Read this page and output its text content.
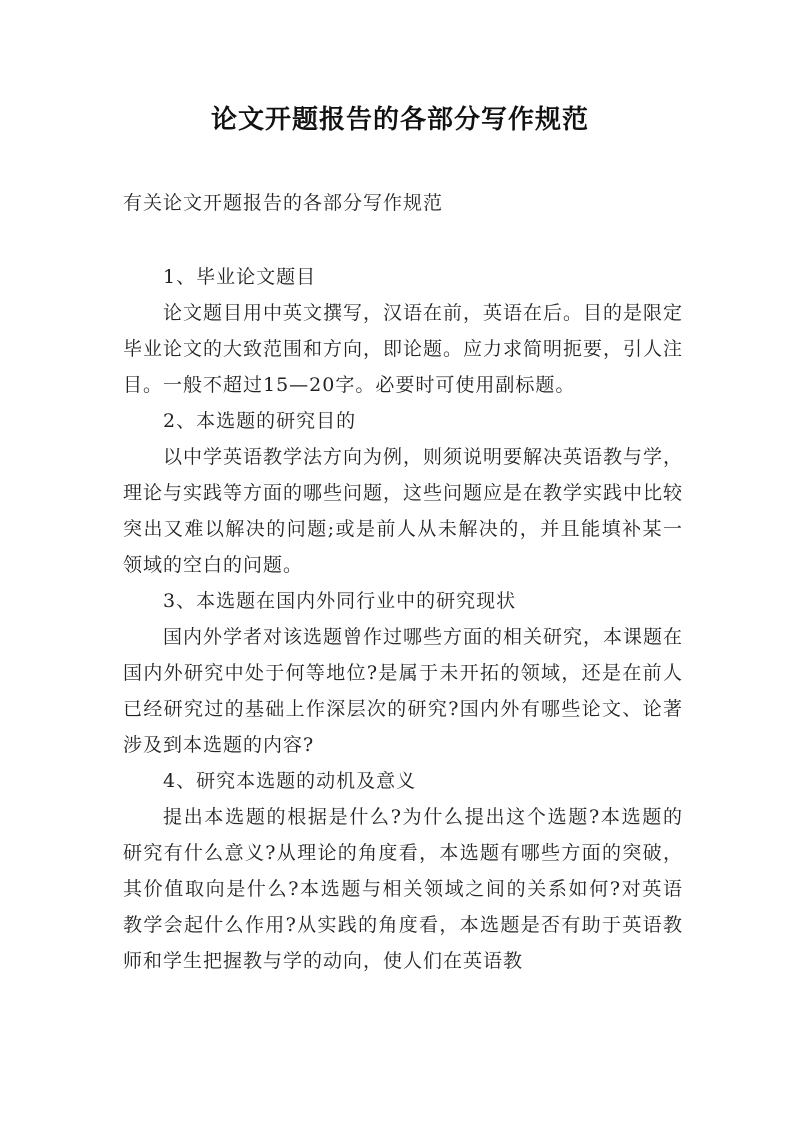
论文开题报告的各部分写作规范
有关论文开题报告的各部分写作规范

1、毕业论文题目

论文题目用中英文撰写，汉语在前，英语在后。目的是限定毕业论文的大致范围和方向，即论题。应力求简明扼要，引人注目。一般不超过15—20字。必要时可使用副标题。

2、本选题的研究目的

以中学英语教学法方向为例，则须说明要解决英语教与学，理论与实践等方面的哪些问题，这些问题应是在教学实践中比较突出又难以解决的问题;或是前人从未解决的，并且能填补某一领域的空白的问题。

3、本选题在国内外同行业中的研究现状

国内外学者对该选题曾作过哪些方面的相关研究，本课题在国内外研究中处于何等地位?是属于未开拓的领域，还是在前人已经研究过的基础上作深层次的研究?国内外有哪些论文、论著涉及到本选题的内容?

4、研究本选题的动机及意义

提出本选题的根据是什么?为什么提出这个选题?本选题的研究有什么意义?从理论的角度看，本选题有哪些方面的突破，其价值取向是什么?本选题与相关领域之间的关系如何?对英语教学会起什么作用?从实践的角度看，本选题是否有助于英语教师和学生把握教与学的动向，使人们在英语教
